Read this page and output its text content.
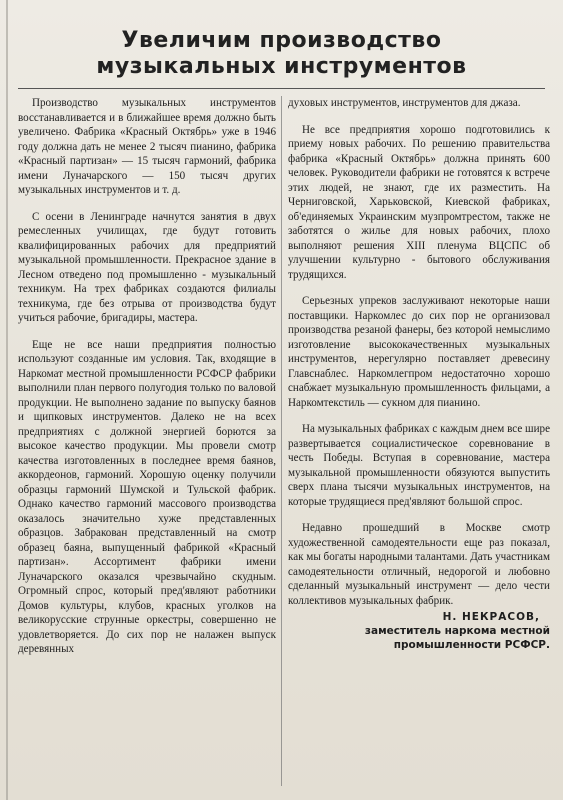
Увеличим производство
музыкальных инструментов

Производство музыкальных инструментов восстанавливается и в ближайшее время должно быть увеличено. Фабрика «Красный Октябрь» уже в 1946 году должна дать не менее 2 тысяч пианино, фабрика «Красный партизан» — 15 тысяч гармоний, фабрика имени Луначарского — 150 тысяч других музыкальных инструментов и т. д.

С осени в Ленинграде начнутся занятия в двух ремесленных училищах, где будут готовить квалифицированных рабочих для предприятий музыкальной промышленности. Прекрасное здание в Лесном отведено под промышленно - музыкальный техникум. На трех фабриках создаются филиалы техникума, где без отрыва от производства будут учиться рабочие, бригадиры, мастера.

Еще не все наши предприятия полностью используют созданные им условия. Так, входящие в Наркомат местной промышленности РСФСР фабрики выполнили план первого полугодия только по валовой продукции. Не выполнено задание по выпуску баянов и щипковых инструментов. Далеко не на всех предприятиях с должной энергией борются за высокое качество продукции. Мы провели смотр качества изготовленных в последнее время баянов, аккордеонов, гармоний. Хорошую оценку получили образцы гармоний Шумской и Тульской фабрик. Однако качество гармоний массового производства оказалось значительно хуже представленных образцов. Забракован представленный на смотр образец баяна, выпущенный фабрикой «Красный партизан». Ассортимент фабрики имени Луначарского оказался чрезвычайно скудным. Огромный спрос, который пред'являют работники Домов культуры, клубов, красных уголков на великорусские струнные оркестры, совершенно не удовлетворяется. До сих пор не налажен выпуск деревянных

духовых инструментов, инструментов для джаза.

Не все предприятия хорошо подготовились к приему новых рабочих. По решению правительства фабрика «Красный Октябрь» должна принять 600 человек. Руководители фабрики не готовятся к встрече этих людей, не знают, где их разместить. На Черниговской, Харьковской, Киевской фабриках, об'единяемых Украинским музпромтрестом, также не заботятся о жилье для новых рабочих, плохо выполняют решения XIII пленума ВЦСПС об улучшении культурно - бытового обслуживания трудящихся.

Серьезных упреков заслуживают некоторые наши поставщики. Наркомлес до сих пор не организовал производства резаной фанеры, без которой немыслимо изготовление высококачественных музыкальных инструментов, нерегулярно поставляет древесину Главснаблес. Наркомлегпром недостаточно хорошо снабжает музыкальную промышленность фильцами, а Наркомтекстиль — сукном для пианино.

На музыкальных фабриках с каждым днем все шире развертывается социалистическое соревнование в честь Победы. Вступая в соревнование, мастера музыкальной промышленности обязуются выпустить сверх плана тысячи музыкальных инструментов, на которые трудящиеся пред'являют большой спрос.

Недавно прошедший в Москве смотр художественной самодеятельности еще раз показал, как мы богаты народными талантами. Дать участникам самодеятельности отличный, недорогой и любовно сделанный музыкальный инструмент — дело чести коллективов музыкальных фабрик.

Н. НЕКРАСОВ,
заместитель наркома местной промышленности РСФСР.
